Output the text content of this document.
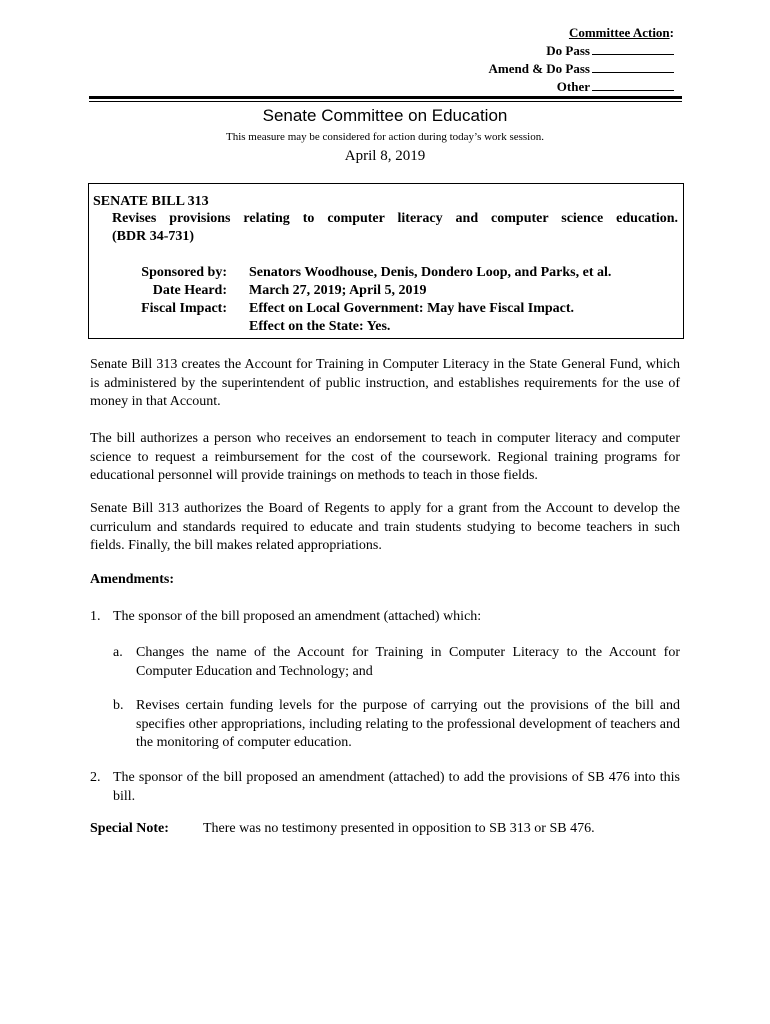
Committee Action:
Do Pass
Amend & Do Pass
Other
Senate Committee on Education
This measure may be considered for action during today’s work session.
April 8, 2019
SENATE BILL 313
Revises provisions relating to computer literacy and computer science education.
(BDR 34-731)
Sponsored by: Senators Woodhouse, Denis, Dondero Loop, and Parks, et al.
Date Heard: March 27, 2019; April 5, 2019
Fiscal Impact: Effect on Local Government: May have Fiscal Impact.
Effect on the State: Yes.
Senate Bill 313 creates the Account for Training in Computer Literacy in the State General Fund, which is administered by the superintendent of public instruction, and establishes requirements for the use of money in that Account.
The bill authorizes a person who receives an endorsement to teach in computer literacy and computer science to request a reimbursement for the cost of the coursework. Regional training programs for educational personnel will provide trainings on methods to teach in those fields.
Senate Bill 313 authorizes the Board of Regents to apply for a grant from the Account to develop the curriculum and standards required to educate and train students studying to become teachers in such fields. Finally, the bill makes related appropriations.
Amendments:
1. The sponsor of the bill proposed an amendment (attached) which:
a. Changes the name of the Account for Training in Computer Literacy to the Account for Computer Education and Technology; and
b. Revises certain funding levels for the purpose of carrying out the provisions of the bill and specifies other appropriations, including relating to the professional development of teachers and the monitoring of computer education.
2. The sponsor of the bill proposed an amendment (attached) to add the provisions of SB 476 into this bill.
Special Note: There was no testimony presented in opposition to SB 313 or SB 476.
